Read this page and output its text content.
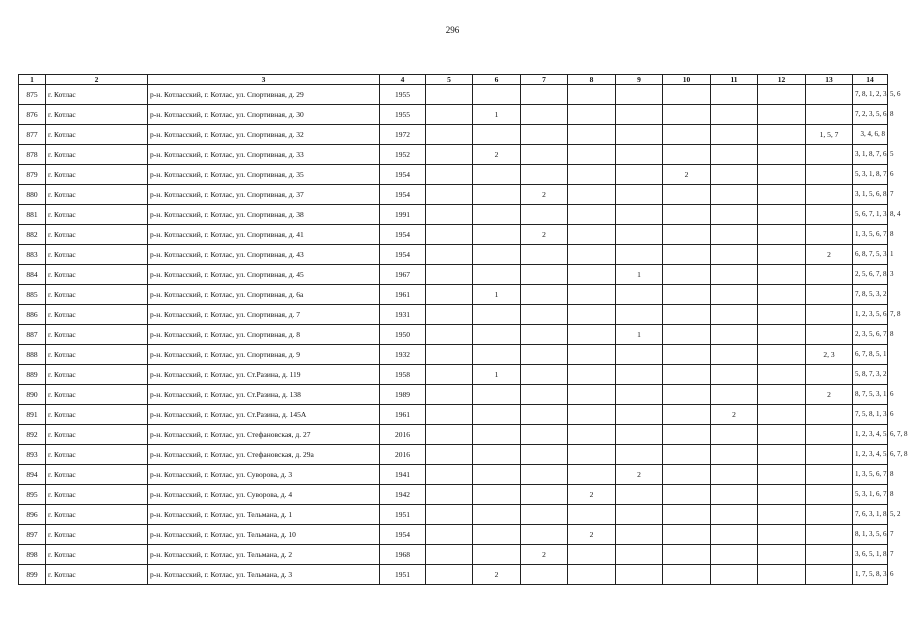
296
1	2	3	4	5	6	7	8	9	10	11	12	13	14
875	г. Котлас	р-н. Котласский, г. Котлас, ул. Спортивная, д. 29	1955										7, 8, 1, 2, 3, 5, 6
876	г. Котлас	р-н. Котласский, г. Котлас, ул. Спортивная, д. 30	1955		1								7, 2, 3, 5, 6, 8
877	г. Котлас	р-н. Котласский, г. Котлас, ул. Спортивная, д. 32	1972									1, 5, 7	3, 4, 6, 8
878	г. Котлас	р-н. Котласский, г. Котлас, ул. Спортивная, д. 33	1952		2								3, 1, 8, 7, 6, 5
879	г. Котлас	р-н. Котласский, г. Котлас, ул. Спортивная, д. 35	1954						2				5, 3, 1, 8, 7, 6
880	г. Котлас	р-н. Котласский, г. Котлас, ул. Спортивная, д. 37	1954			2							3, 1, 5, 6, 8, 7
881	г. Котлас	р-н. Котласский, г. Котлас, ул. Спортивная, д. 38	1991										5, 6, 7, 1, 3, 8, 4
882	г. Котлас	р-н. Котласский, г. Котлас, ул. Спортивная, д. 41	1954			2							1, 3, 5, 6, 7, 8
883	г. Котлас	р-н. Котласский, г. Котлас, ул. Спортивная, д. 43	1954									2	6, 8, 7, 5, 3, 1
884	г. Котлас	р-н. Котласский, г. Котлас, ул. Спортивная, д. 45	1967					1					2, 5, 6, 7, 8, 3
885	г. Котлас	р-н. Котласский, г. Котлас, ул. Спортивная, д. 6а	1961		1								7, 8, 5, 3, 2
886	г. Котлас	р-н. Котласский, г. Котлас, ул. Спортивная, д. 7	1931										1, 2, 3, 5, 6, 7, 8
887	г. Котлас	р-н. Котласский, г. Котлас, ул. Спортивная, д. 8	1950					1					2, 3, 5, 6, 7, 8
888	г. Котлас	р-н. Котласский, г. Котлас, ул. Спортивная, д. 9	1932									2, 3	6, 7, 8, 5, 1
889	г. Котлас	р-н. Котласский, г. Котлас, ул. Ст.Разина, д. 119	1958		1								5, 8, 7, 3, 2
890	г. Котлас	р-н. Котласский, г. Котлас, ул. Ст.Разина, д. 138	1989									2	8, 7, 5, 3, 1, 6
891	г. Котлас	р-н. Котласский, г. Котлас, ул. Ст.Разина, д. 145А	1961							2			7, 5, 8, 1, 3, 6
892	г. Котлас	р-н. Котласский, г. Котлас, ул. Стефановская, д. 27	2016										1, 2, 3, 4, 5, 6, 7, 8
893	г. Котлас	р-н. Котласский, г. Котлас, ул. Стефановская, д. 29а	2016										1, 2, 3, 4, 5, 6, 7, 8
894	г. Котлас	р-н. Котласский, г. Котлас, ул. Суворова, д. 3	1941					2					1, 3, 5, 6, 7, 8
895	г. Котлас	р-н. Котласский, г. Котлас, ул. Суворова, д. 4	1942				2						5, 3, 1, 6, 7, 8
896	г. Котлас	р-н. Котласский, г. Котлас, ул. Тельмана, д. 1	1951										7, 6, 3, 1, 8, 5, 2
897	г. Котлас	р-н. Котласский, г. Котлас, ул. Тельмана, д. 10	1954				2						8, 1, 3, 5, 6, 7
898	г. Котлас	р-н. Котласский, г. Котлас, ул. Тельмана, д. 2	1968			2							3, 6, 5, 1, 8, 7
899	г. Котлас	р-н. Котласский, г. Котлас, ул. Тельмана, д. 3	1951		2								1, 7, 5, 8, 3, 6
